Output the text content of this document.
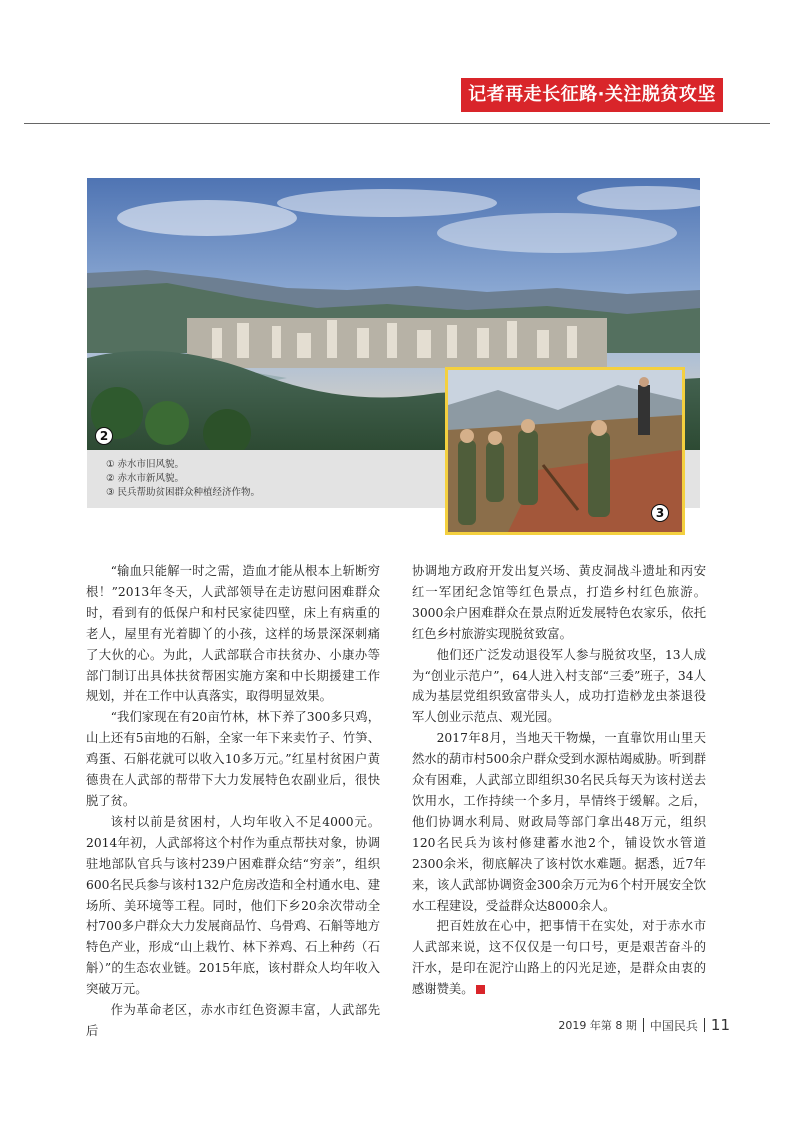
记者再走长征路·关注脱贫攻坚
2
① 赤水市旧风貌。
② 赤水市新风貌。
③ 民兵帮助贫困群众种植经济作物。
3

“输血只能解一时之需，造血才能从根本上斩断穷根！”2013年冬天，人武部领导在走访慰问困难群众时，看到有的低保户和村民家徒四壁，床上有病重的老人，屋里有光着脚丫的小孩，这样的场景深深刺痛了大伙的心。为此，人武部联合市扶贫办、小康办等部门制订出具体扶贫帮困实施方案和中长期援建工作规划，并在工作中认真落实，取得明显效果。

“我们家现在有20亩竹林，林下养了300多只鸡，山上还有5亩地的石斛，全家一年下来卖竹子、竹笋、鸡蛋、石斛花就可以收入10多万元。”红星村贫困户黄德贵在人武部的帮带下大力发展特色农副业后，很快脱了贫。

该村以前是贫困村，人均年收入不足4000元。2014年初，人武部将这个村作为重点帮扶对象，协调驻地部队官兵与该村239户困难群众结“穷亲”，组织600名民兵参与该村132户危房改造和全村通水电、建场所、美环境等工程。同时，他们下乡20余次带动全村700多户群众大力发展商品竹、乌骨鸡、石斛等地方特色产业，形成“山上栽竹、林下养鸡、石上种药（石斛）”的生态农业链。2015年底，该村群众人均年收入突破万元。

作为革命老区，赤水市红色资源丰富，人武部先后

协调地方政府开发出复兴场、黄皮洞战斗遗址和丙安红一军团纪念馆等红色景点，打造乡村红色旅游。3000余户困难群众在景点附近发展特色农家乐，依托红色乡村旅游实现脱贫致富。

他们还广泛发动退役军人参与脱贫攻坚，13人成为“创业示范户”，64人进入村支部“三委”班子，34人成为基层党组织致富带头人，成功打造桫龙虫茶退役军人创业示范点、观光园。

2017年8月，当地天干物燥，一直靠饮用山里天然水的葫市村500余户群众受到水源枯竭威胁。听到群众有困难，人武部立即组织30名民兵每天为该村送去饮用水，工作持续一个多月，旱情终于缓解。之后，他们协调水利局、财政局等部门拿出48万元，组织120名民兵为该村修建蓄水池2个，铺设饮水管道2300余米，彻底解决了该村饮水难题。据悉，近7年来，该人武部协调资金300余万元为6个村开展安全饮水工程建设，受益群众达8000余人。

把百姓放在心中，把事情干在实处，对于赤水市人武部来说，这不仅仅是一句口号，更是艰苦奋斗的汗水，是印在泥泞山路上的闪光足迹，是群众由衷的感谢赞美。

2019 年第 8 期 中国民兵 11
